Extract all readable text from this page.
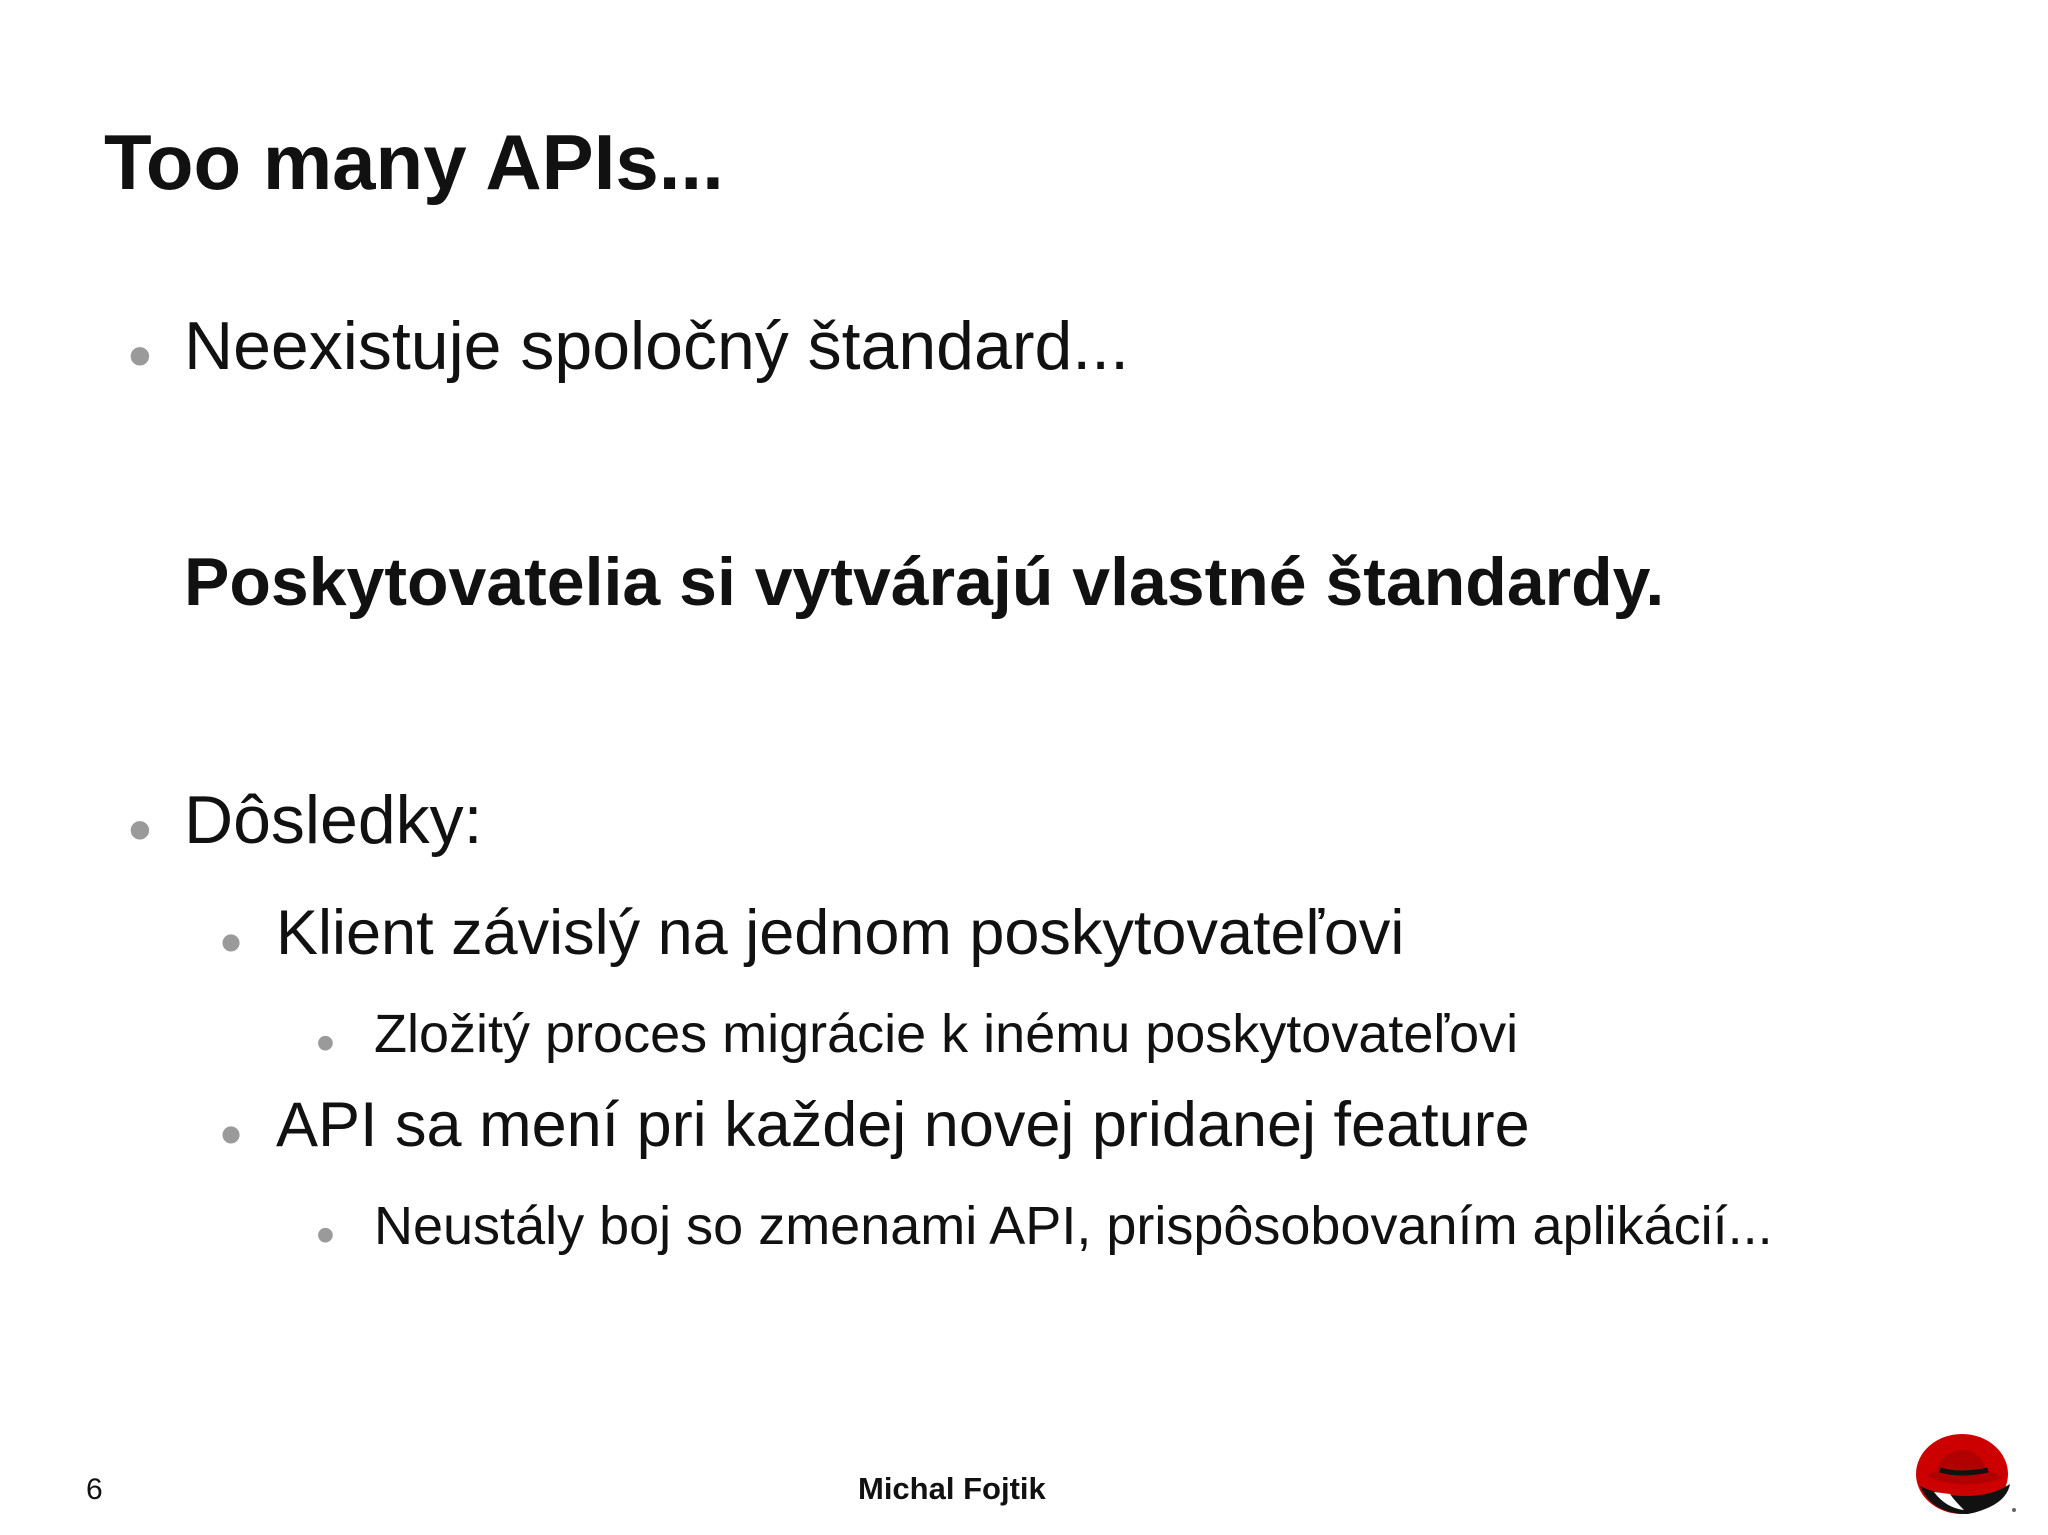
Too many APIs...
• Neexistuje spoločný štandard...
Poskytovatelia si vytvárajú vlastné štandardy.
• Dôsledky:
• Klient závislý na jednom poskytovateľovi
• Zložitý proces migrácie k inému poskytovateľovi
• API sa mení pri každej novej pridanej feature
• Neustály boj so zmenami API, prispôsobovaním aplikácií...
6	Michal Fojtik
